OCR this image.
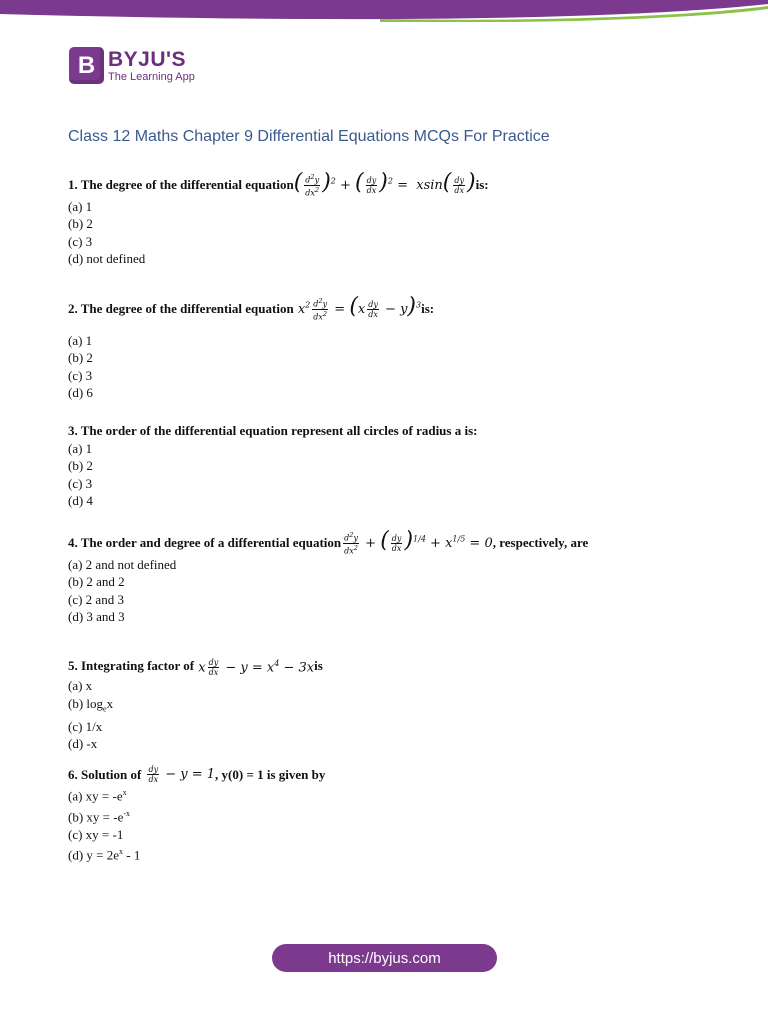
B BYJU'S
The Learning App
Class 12 Maths Chapter 9 Differential Equations MCQs For Practice
1. The degree of the differential equation ( $\frac{d^2y}{dx^2} )^2$ + ( $\frac{dy}{dx} )^2 = xsin( \frac{dy}{dx}$ ) is:
(a) 1
(b) 2
(c) 3
(d) not defined
2. The degree of the differential equation $x^2 \frac{d^2y}{dx^2} = (x \frac{dy}{dx} - y)^3$ is:
(a) 1
(b) 2
(c) 3
(d) 6
3. The order of the differential equation represent all circles of radius a is:
(a) 1
(b) 2
(c) 3
(d) 4
4. The order and degree of a differential equation $\frac{d^2y}{dx^2}$ + ( $\frac{dy}{dx} )^{1/4} + x^{1/5} = 0$ , respectively, are
(a) 2 and not defined
(b) 2 and 2
(c) 2 and 3
(d) 3 and 3
5. Integrating factor of x $\frac{dy}{dx} - y = x^4 - 3x$ is
(a) x
(b) $\log_ex$
(c) 1/x
(d) -x
6. Solution of
$\frac{dy}{dx} - y = 1$ , y(0) = 1 is given by
(a) xy = $-e^x$
(b) xy = $-e^{-x}$
(c) xy = -1
(d) $y = 2e^x - 1$
https://byjus.com
